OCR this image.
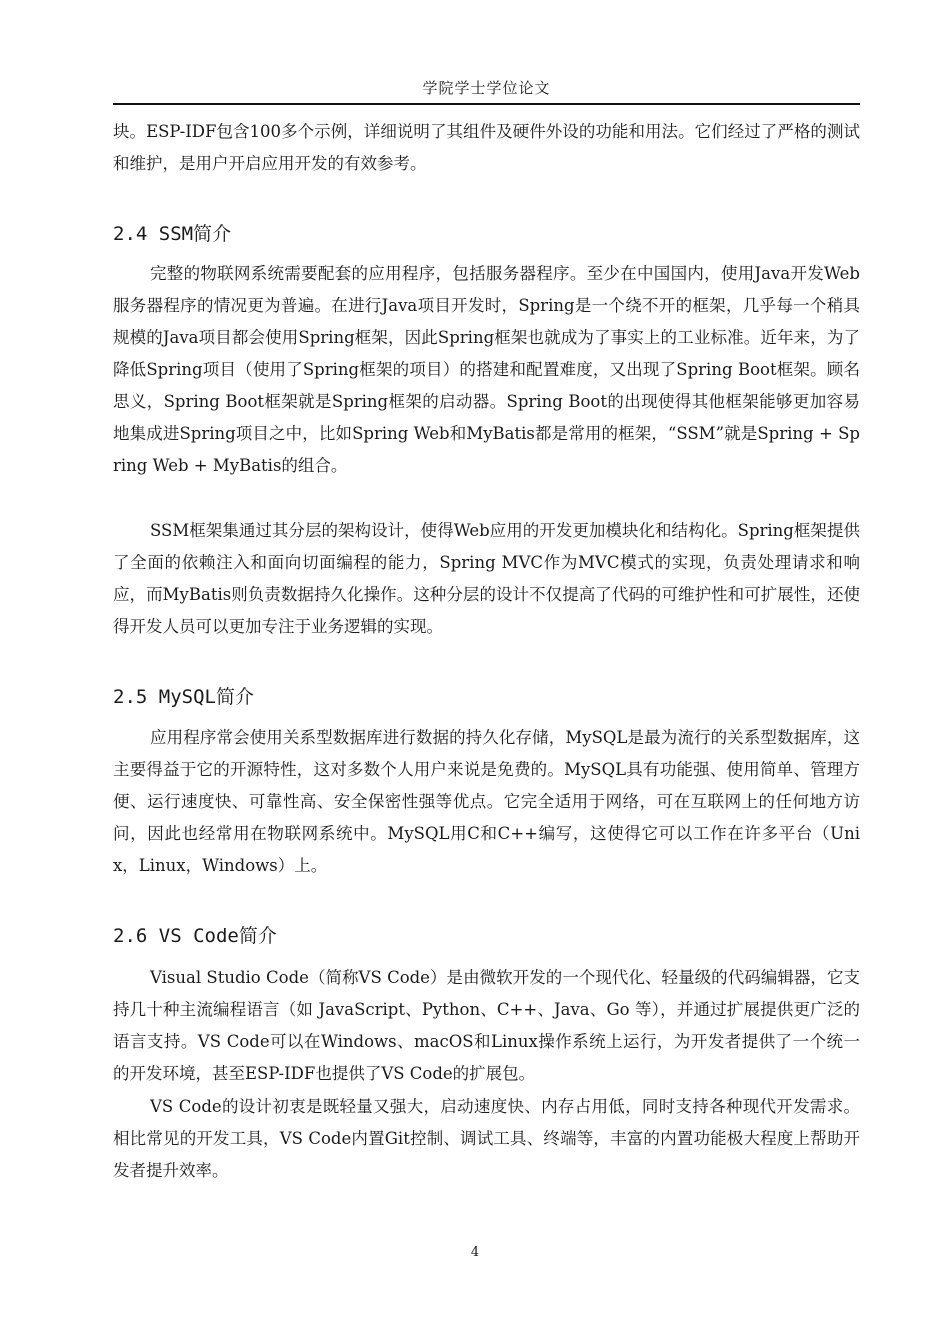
学院学士学位论文

块。ESP-IDF包含100多个示例，详细说明了其组件及硬件外设的功能和用法。它们经过了严格的测试和维护，是用户开启应用开发的有效参考。

2.4 SSM简介

完整的物联网系统需要配套的应用程序，包括服务器程序。至少在中国国内，使用Java开发Web服务器程序的情况更为普遍。在进行Java项目开发时，Spring是一个绕不开的框架，几乎每一个稍具规模的Java项目都会使用Spring框架，因此Spring框架也就成为了事实上的工业标准。近年来，为了降低Spring项目（使用了Spring框架的项目）的搭建和配置难度，又出现了Spring Boot框架。顾名思义，Spring Boot框架就是Spring框架的启动器。Spring Boot的出现使得其他框架能够更加容易地集成进Spring项目之中，比如Spring Web和MyBatis都是常用的框架，“SSM”就是Spring + Spring Web + MyBatis的组合。

SSM框架集通过其分层的架构设计，使得Web应用的开发更加模块化和结构化。Spring框架提供了全面的依赖注入和面向切面编程的能力，Spring MVC作为MVC模式的实现，负责处理请求和响应，而MyBatis则负责数据持久化操作。这种分层的设计不仅提高了代码的可维护性和可扩展性，还使得开发人员可以更加专注于业务逻辑的实现。

2.5 MySQL简介

应用程序常会使用关系型数据库进行数据的持久化存储，MySQL是最为流行的关系型数据库，这主要得益于它的开源特性，这对多数个人用户来说是免费的。MySQL具有功能强、使用简单、管理方便、运行速度快、可靠性高、安全保密性强等优点。它完全适用于网络，可在互联网上的任何地方访问，因此也经常用在物联网系统中。MySQL用C和C++编写，这使得它可以工作在许多平台（Unix，Linux，Windows）上。

2.6 VS Code简介

Visual Studio Code（简称VS Code）是由微软开发的一个现代化、轻量级的代码编辑器，它支持几十种主流编程语言（如 JavaScript、Python、C++、Java、Go 等），并通过扩展提供更广泛的语言支持。VS Code可以在Windows、macOS和Linux操作系统上运行，为开发者提供了一个统一的开发环境，甚至ESP-IDF也提供了VS Code的扩展包。

VS Code的设计初衷是既轻量又强大，启动速度快、内存占用低，同时支持各种现代开发需求。相比常见的开发工具，VS Code内置Git控制、调试工具、终端等，丰富的内置功能极大程度上帮助开发者提升效率。

4
